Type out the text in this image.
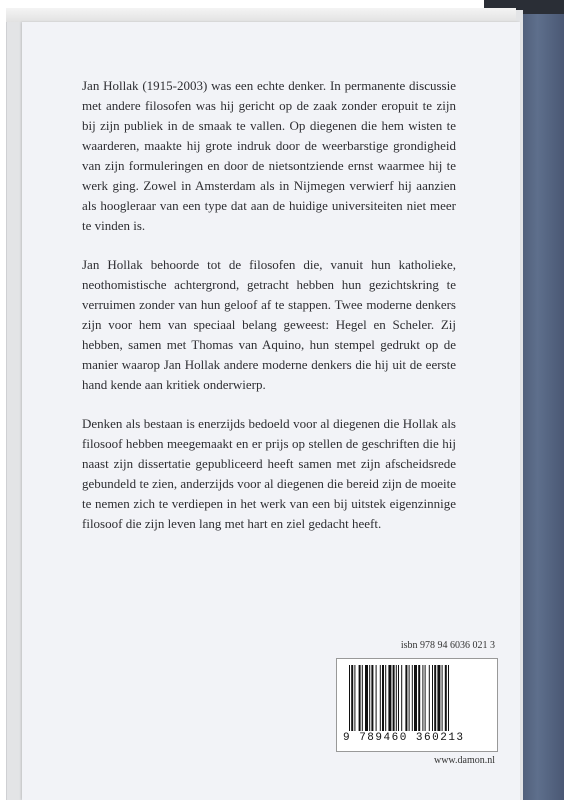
Jan Hollak (1915-2003) was een echte denker. In permanente discussie met andere filosofen was hij gericht op de zaak zonder eropuit te zijn bij zijn publiek in de smaak te vallen. Op diegenen die hem wisten te waarderen, maakte hij grote indruk door de weerbarstige grondigheid van zijn formuleringen en door de nietsontziende ernst waarmee hij te werk ging. Zowel in Amsterdam als in Nijmegen verwierf hij aanzien als hoogleraar van een type dat aan de huidige universiteiten niet meer te vinden is.

Jan Hollak behoorde tot de filosofen die, vanuit hun katholieke, neothomistische achtergrond, getracht hebben hun gezichtskring te verruimen zonder van hun geloof af te stappen. Twee moderne denkers zijn voor hem van speciaal belang geweest: Hegel en Scheler. Zij hebben, samen met Thomas van Aquino, hun stempel gedrukt op de manier waarop Jan Hollak andere moderne denkers die hij uit de eerste hand kende aan kritiek onderwierp.

Denken als bestaan is enerzijds bedoeld voor al diegenen die Hollak als filosoof hebben meegemaakt en er prijs op stellen de geschriften die hij naast zijn dissertatie gepubliceerd heeft samen met zijn afscheidsrede gebundeld te zien, anderzijds voor al diegenen die bereid zijn de moeite te nemen zich te verdiepen in het werk van een bij uitstek eigenzinnige filosoof die zijn leven lang met hart en ziel gedacht heeft.

isbn 978 94 6036 021 3
9 789460 360213
www.damon.nl
